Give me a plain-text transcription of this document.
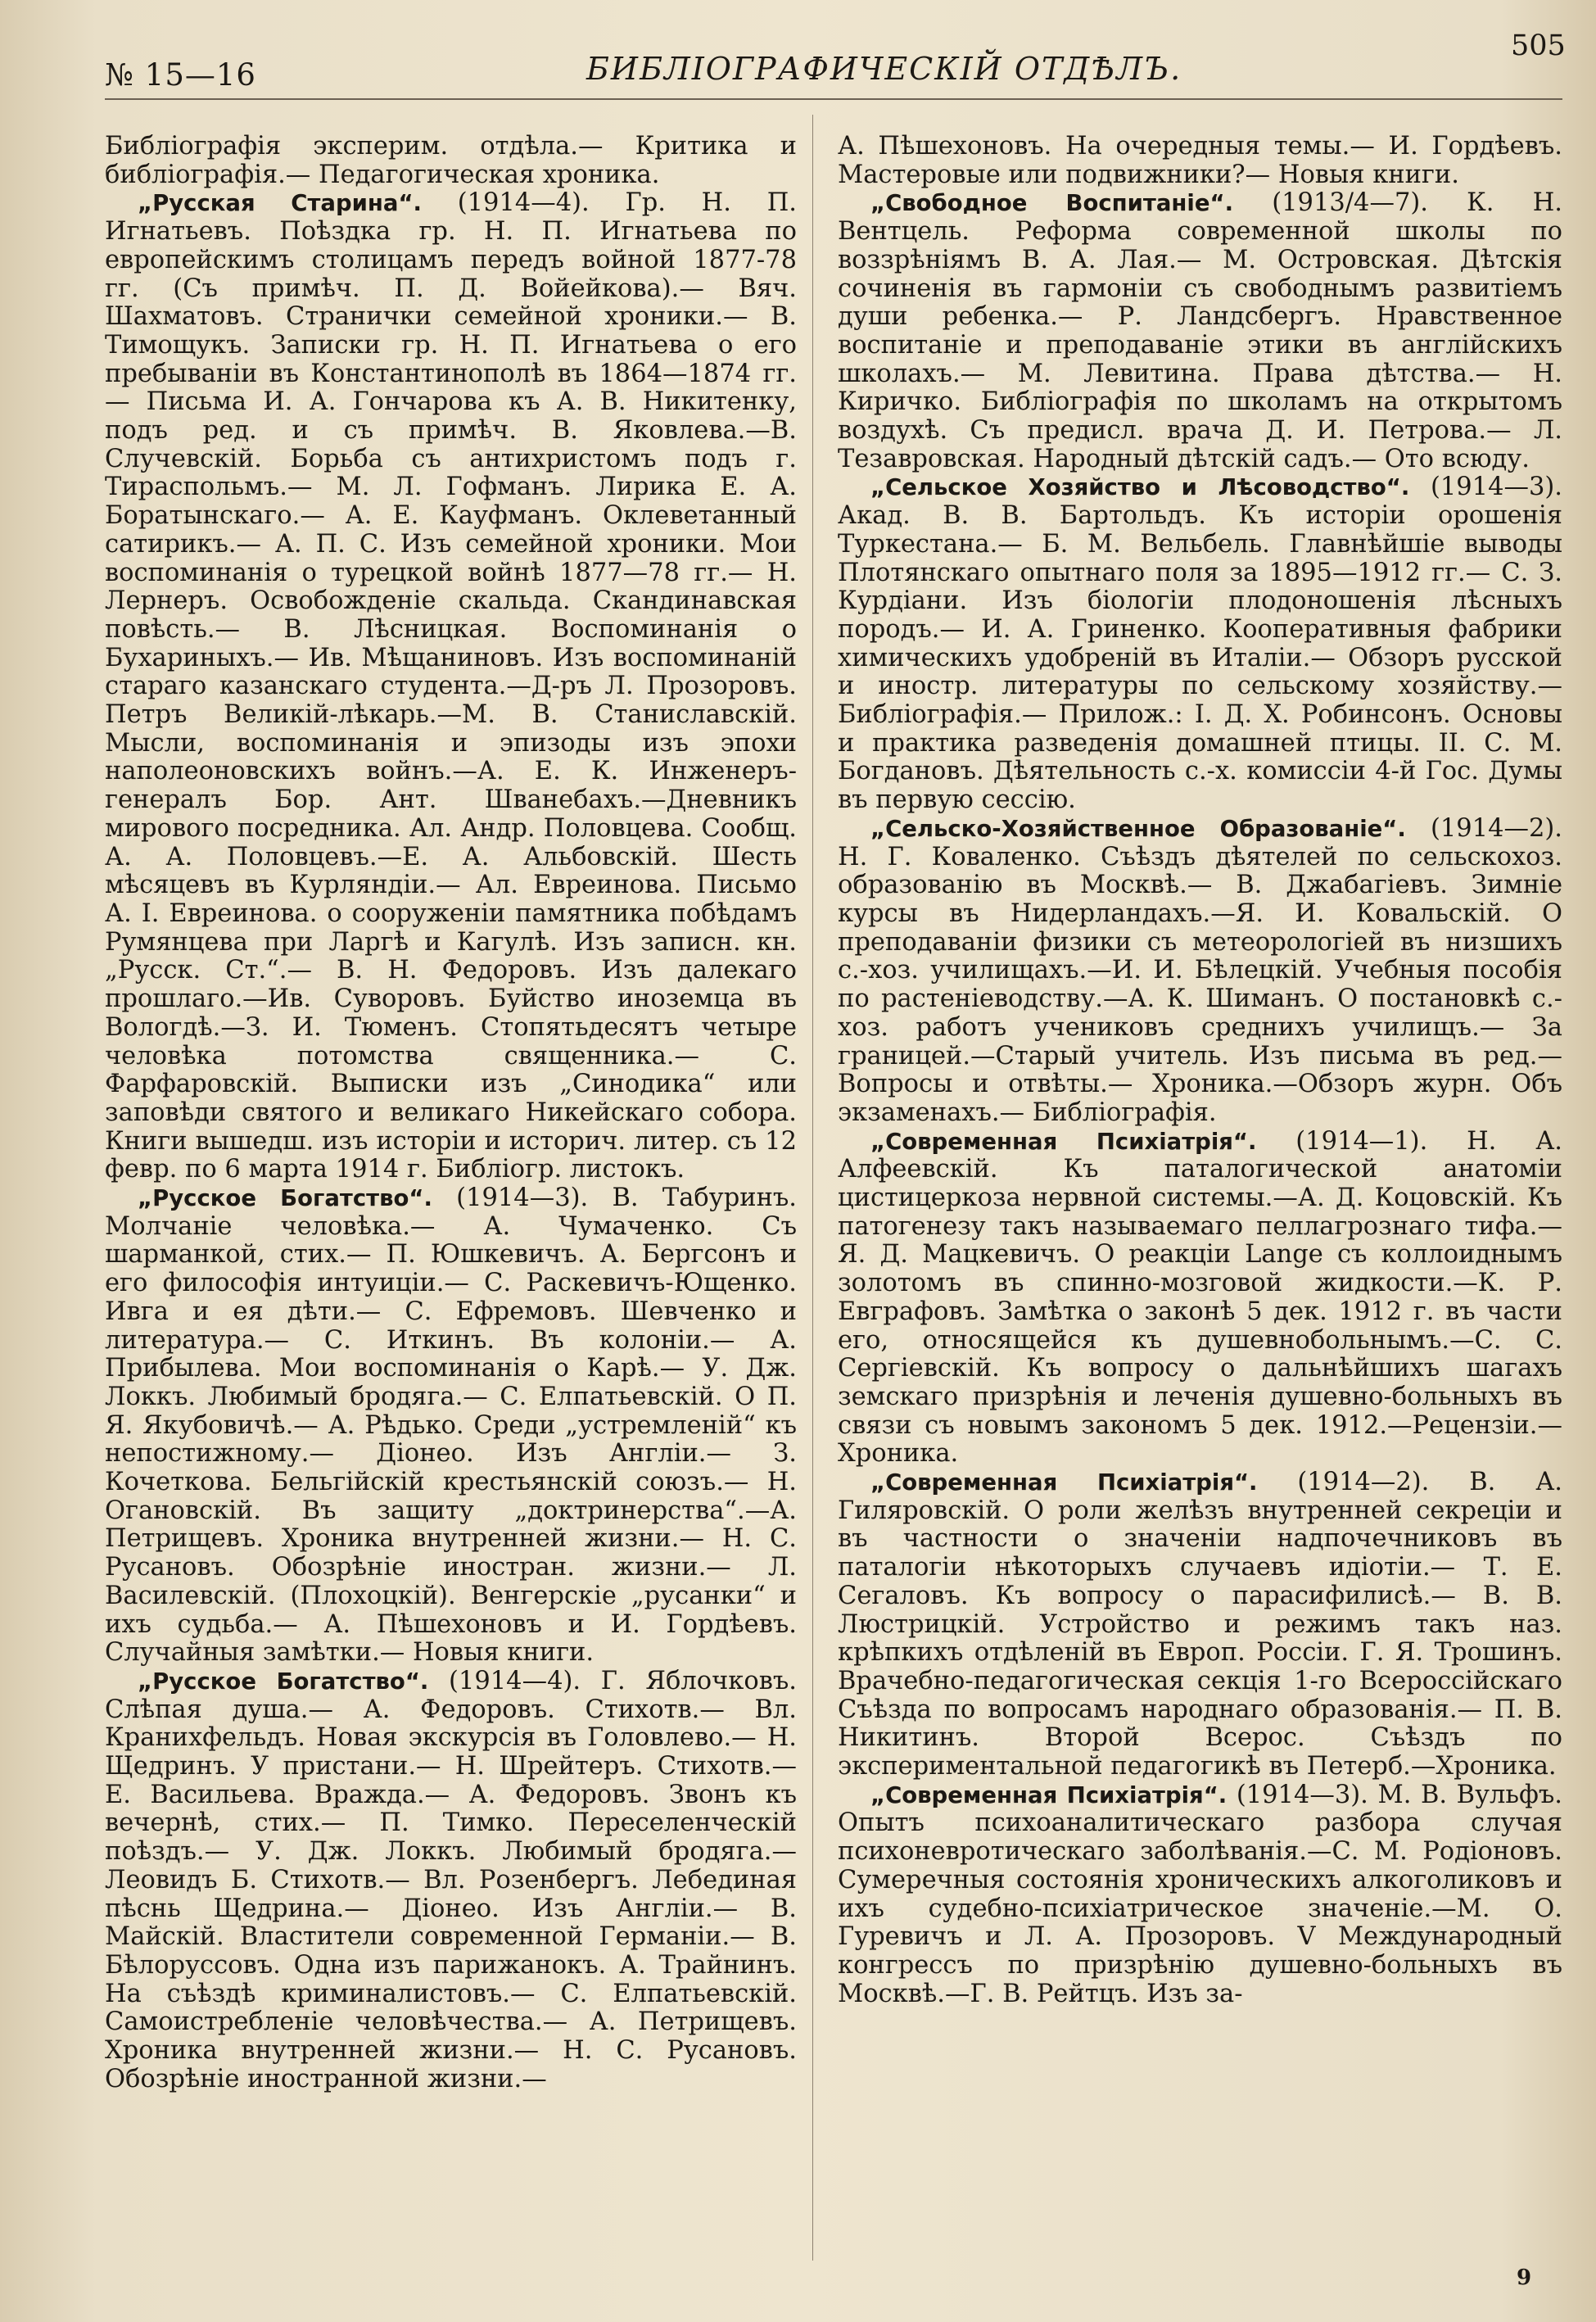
№ 15—16	БИБЛІОГРАФИЧЕСКІЙ ОТДѢЛЪ.
505

Библіографія эксперим. отдѣла.— Критика и библіографія.— Педагогическая хроника.

„Русская Старина“. (1914—4). Гр. Н. П. Игнатьевъ. Поѣздка гр. Н. П. Игнатьева по европейскимъ столицамъ передъ войной 1877-78 гг. (Съ примѣч. П. Д. Войейкова).— Вяч. Шахматовъ. Странички семейной хроники.— В. Тимощукъ. Записки гр. Н. П. Игнатьева о его пребываніи въ Константинополѣ въ 1864—1874 гг.— Письма И. А. Гончарова къ А. В. Никитенку, подъ ред. и съ примѣч. В. Яковлева.—В. Случевскій. Борьба съ антихристомъ подъ г. Тираспольмъ.— М. Л. Гофманъ. Лирика Е. А. Боратынскаго.— А. Е. Кауфманъ. Оклеветанный сатирикъ.— А. П. С. Изъ семейной хроники. Мои воспоминанія о турецкой войнѣ 1877—78 гг.— Н. Лернеръ. Освобожденіе скальда. Скандинавская повѣсть.— В. Лѣсницкая. Воспоминанія о Бухариныхъ.— Ив. Мѣщаниновъ. Изъ воспоминаній стараго казанскаго студента.—Д-ръ Л. Прозоровъ. Петръ Великій-лѣкарь.—М. В. Станиславскій. Мысли, воспоминанія и эпизоды изъ эпохи наполеоновскихъ войнъ.—А. Е. К. Инженеръ-генералъ Бор. Ант. Шванебахъ.—Дневникъ мирового посредника. Ал. Андр. Половцева. Сообщ. А. А. Половцевъ.—Е. А. Альбовскій. Шесть мѣсяцевъ въ Курляндіи.— Ал. Евреинова. Письмо А. І. Евреинова. о сооруженіи памятника побѣдамъ Румянцева при Ларгѣ и Кагулѣ. Изъ записн. кн. „Русск. Ст.“.— В. Н. Федоровъ. Изъ далекаго прошлаго.—Ив. Суворовъ. Буйство иноземца въ Вологдѣ.—З. И. Тюменъ. Стопятьдесятъ четыре человѣка потомства священника.— С. Фарфаровскій. Выписки изъ „Синодика“ или заповѣди святого и великаго Никейскаго собора. Книги вышедш. изъ исторіи и историч. литер. съ 12 февр. по 6 марта 1914 г. Библіогр. листокъ.

„Русское Богатство“. (1914—3). В. Табуринъ. Молчаніе человѣка.— А. Чумаченко. Съ шарманкой, стих.— П. Юшкевичъ. А. Бергсонъ и его философія интуиціи.— С. Раскевичъ-Ющенко. Ивга и ея дѣти.— С. Ефремовъ. Шевченко и литература.— С. Иткинъ. Въ колоніи.— А. Прибылева. Мои воспоминанія о Карѣ.— У. Дж. Локкъ. Любимый бродяга.— С. Елпатьевскій. О П. Я. Якубовичѣ.— А. Рѣдько. Среди „устремленій“ къ непостижному.— Діонео. Изъ Англіи.— З. Кочеткова. Бельгійскій крестьянскій союзъ.— Н. Огановскій. Въ защиту „доктринерства“.—А. Петрищевъ. Хроника внутренней жизни.— Н. С. Русановъ. Обозрѣніе иностран. жизни.— Л. Василевскій. (Плохоцкій). Венгерскіе „русанки“ и ихъ судьба.— А. Пѣшехоновъ и И. Гордѣевъ. Случайныя замѣтки.— Новыя книги.

„Русское Богатство“. (1914—4). Г. Яблочковъ. Слѣпая душа.— А. Федоровъ. Стихотв.— Вл. Кранихфельдъ. Новая экскурсія въ Головлево.— Н. Щедринъ. У пристани.— Н. Шрейтеръ. Стихотв.— Е. Васильева. Вражда.— А. Федоровъ. Звонъ къ вечернѣ, стих.— П. Тимко. Переселенческій поѣздъ.— У. Дж. Локкъ. Любимый бродяга.— Леовидъ Б. Стихотв.— Вл. Розенбергъ. Лебединая пѣснь Щедрина.— Діонео. Изъ Англіи.— В. Майскій. Властители современной Германіи.— В. Бѣлоруссовъ. Одна изъ парижанокъ. А. Трайнинъ. На съѣздѣ криминалистовъ.— С. Елпатьевскій. Самоистребленіе человѣчества.— А. Петрищевъ. Хроника внутренней жизни.— Н. С. Русановъ. Обозрѣніе иностранной жизни.—

А. Пѣшехоновъ. На очередныя темы.— И. Гордѣевъ. Мастеровые или подвижники?— Новыя книги.

„Свободное Воспитаніе“. (1913/4—7). К. Н. Вентцель. Реформа современной школы по воззрѣніямъ В. А. Лая.— М. Островская. Дѣтскія сочиненія въ гармоніи съ свободнымъ развитіемъ души ребенка.— Р. Ландсбергъ. Нравственное воспитаніе и преподаваніе этики въ англійскихъ школахъ.— М. Левитина. Права дѣтства.— Н. Киричко. Библіографія по школамъ на открытомъ воздухѣ. Съ предисл. врача Д. И. Петрова.— Л. Тезавровская. Народный дѣтскій садъ.— Ото всюду.

„Сельское Хозяйство и Лѣсоводство“. (1914—3). Акад. В. В. Бартольдъ. Къ исторіи орошенія Туркестана.— Б. М. Вельбель. Главнѣйшіе выводы Плотянскаго опытнаго поля за 1895—1912 гг.— С. З. Курдіани. Изъ біологіи плодоношенія лѣсныхъ породъ.— И. А. Гриненко. Кооперативныя фабрики химическихъ удобреній въ Италіи.— Обзоръ русской и иностр. литературы по сельскому хозяйству.— Библіографія.— Прилож.: І. Д. Х. Робинсонъ. Основы и практика разведенія домашней птицы. II. С. М. Богдановъ. Дѣятельность с.-х. комиссіи 4-й Гос. Думы въ первую сессію.

„Сельско-Хозяйственное Образованіе“. (1914—2). Н. Г. Коваленко. Съѣздъ дѣятелей по сельскохоз. образованію въ Москвѣ.— В. Джабагіевъ. Зимніе курсы въ Нидерландахъ.—Я. И. Ковальскій. О преподаваніи физики съ метеорологіей въ низшихъ с.-хоз. училищахъ.—И. И. Бѣлецкій. Учебныя пособія по растеніеводству.—А. К. Шиманъ. О постановкѣ с.-хоз. работъ учениковъ среднихъ училищъ.— За границей.—Старый учитель. Изъ письма въ ред.—Вопросы и отвѣты.— Хроника.—Обзоръ журн. Объ экзаменахъ.— Библіографія.

„Современная Психіатрія“. (1914—1). Н. А. Алфеевскій. Къ паталогической анатоміи цистицеркоза нервной системы.—А. Д. Коцовскій. Къ патогенезу такъ называемаго пеллагрознаго тифа.—Я. Д. Мацкевичъ. О реакціи Lange съ коллоиднымъ золотомъ въ спинно-мозговой жидкости.—К. Р. Евграфовъ. Замѣтка о законѣ 5 дек. 1912 г. въ части его, относящейся къ душевнобольнымъ.—С. С. Сергіевскій. Къ вопросу о дальнѣйшихъ шагахъ земскаго призрѣнія и леченія душевно-больныхъ въ связи съ новымъ закономъ 5 дек. 1912.—Рецензіи.—Хроника.

„Современная Психіатрія“. (1914—2). В. А. Гиляровскій. О роли желѣзъ внутренней секреціи и въ частности о значеніи надпочечниковъ въ паталогіи нѣкоторыхъ случаевъ идіотіи.— Т. Е. Сегаловъ. Къ вопросу о парасифилисѣ.— В. В. Люстрицкій. Устройство и режимъ такъ наз. крѣпкихъ отдѣленій въ Европ. Россіи. Г. Я. Трошинъ. Врачебно-педагогическая секція 1-го Всероссійскаго Съѣзда по вопросамъ народнаго образованія.— П. В. Никитинъ. Второй Всерос. Съѣздъ по экспериментальной педагогикѣ въ Петерб.—Хроника.

„Современная Психіатрія“. (1914—3). М. В. Вульфъ. Опытъ психоаналитическаго разбора случая психоневротическаго заболѣванія.—С. М. Родіоновъ. Сумеречныя состоянія хроническихъ алкоголиковъ и ихъ судебно-психіатрическое значеніе.—М. О. Гуревичъ и Л. А. Прозоровъ. V Международный конгрессъ по призрѣнію душевно-больныхъ въ Москвѣ.—Г. В. Рейтцъ. Изъ за-

9
